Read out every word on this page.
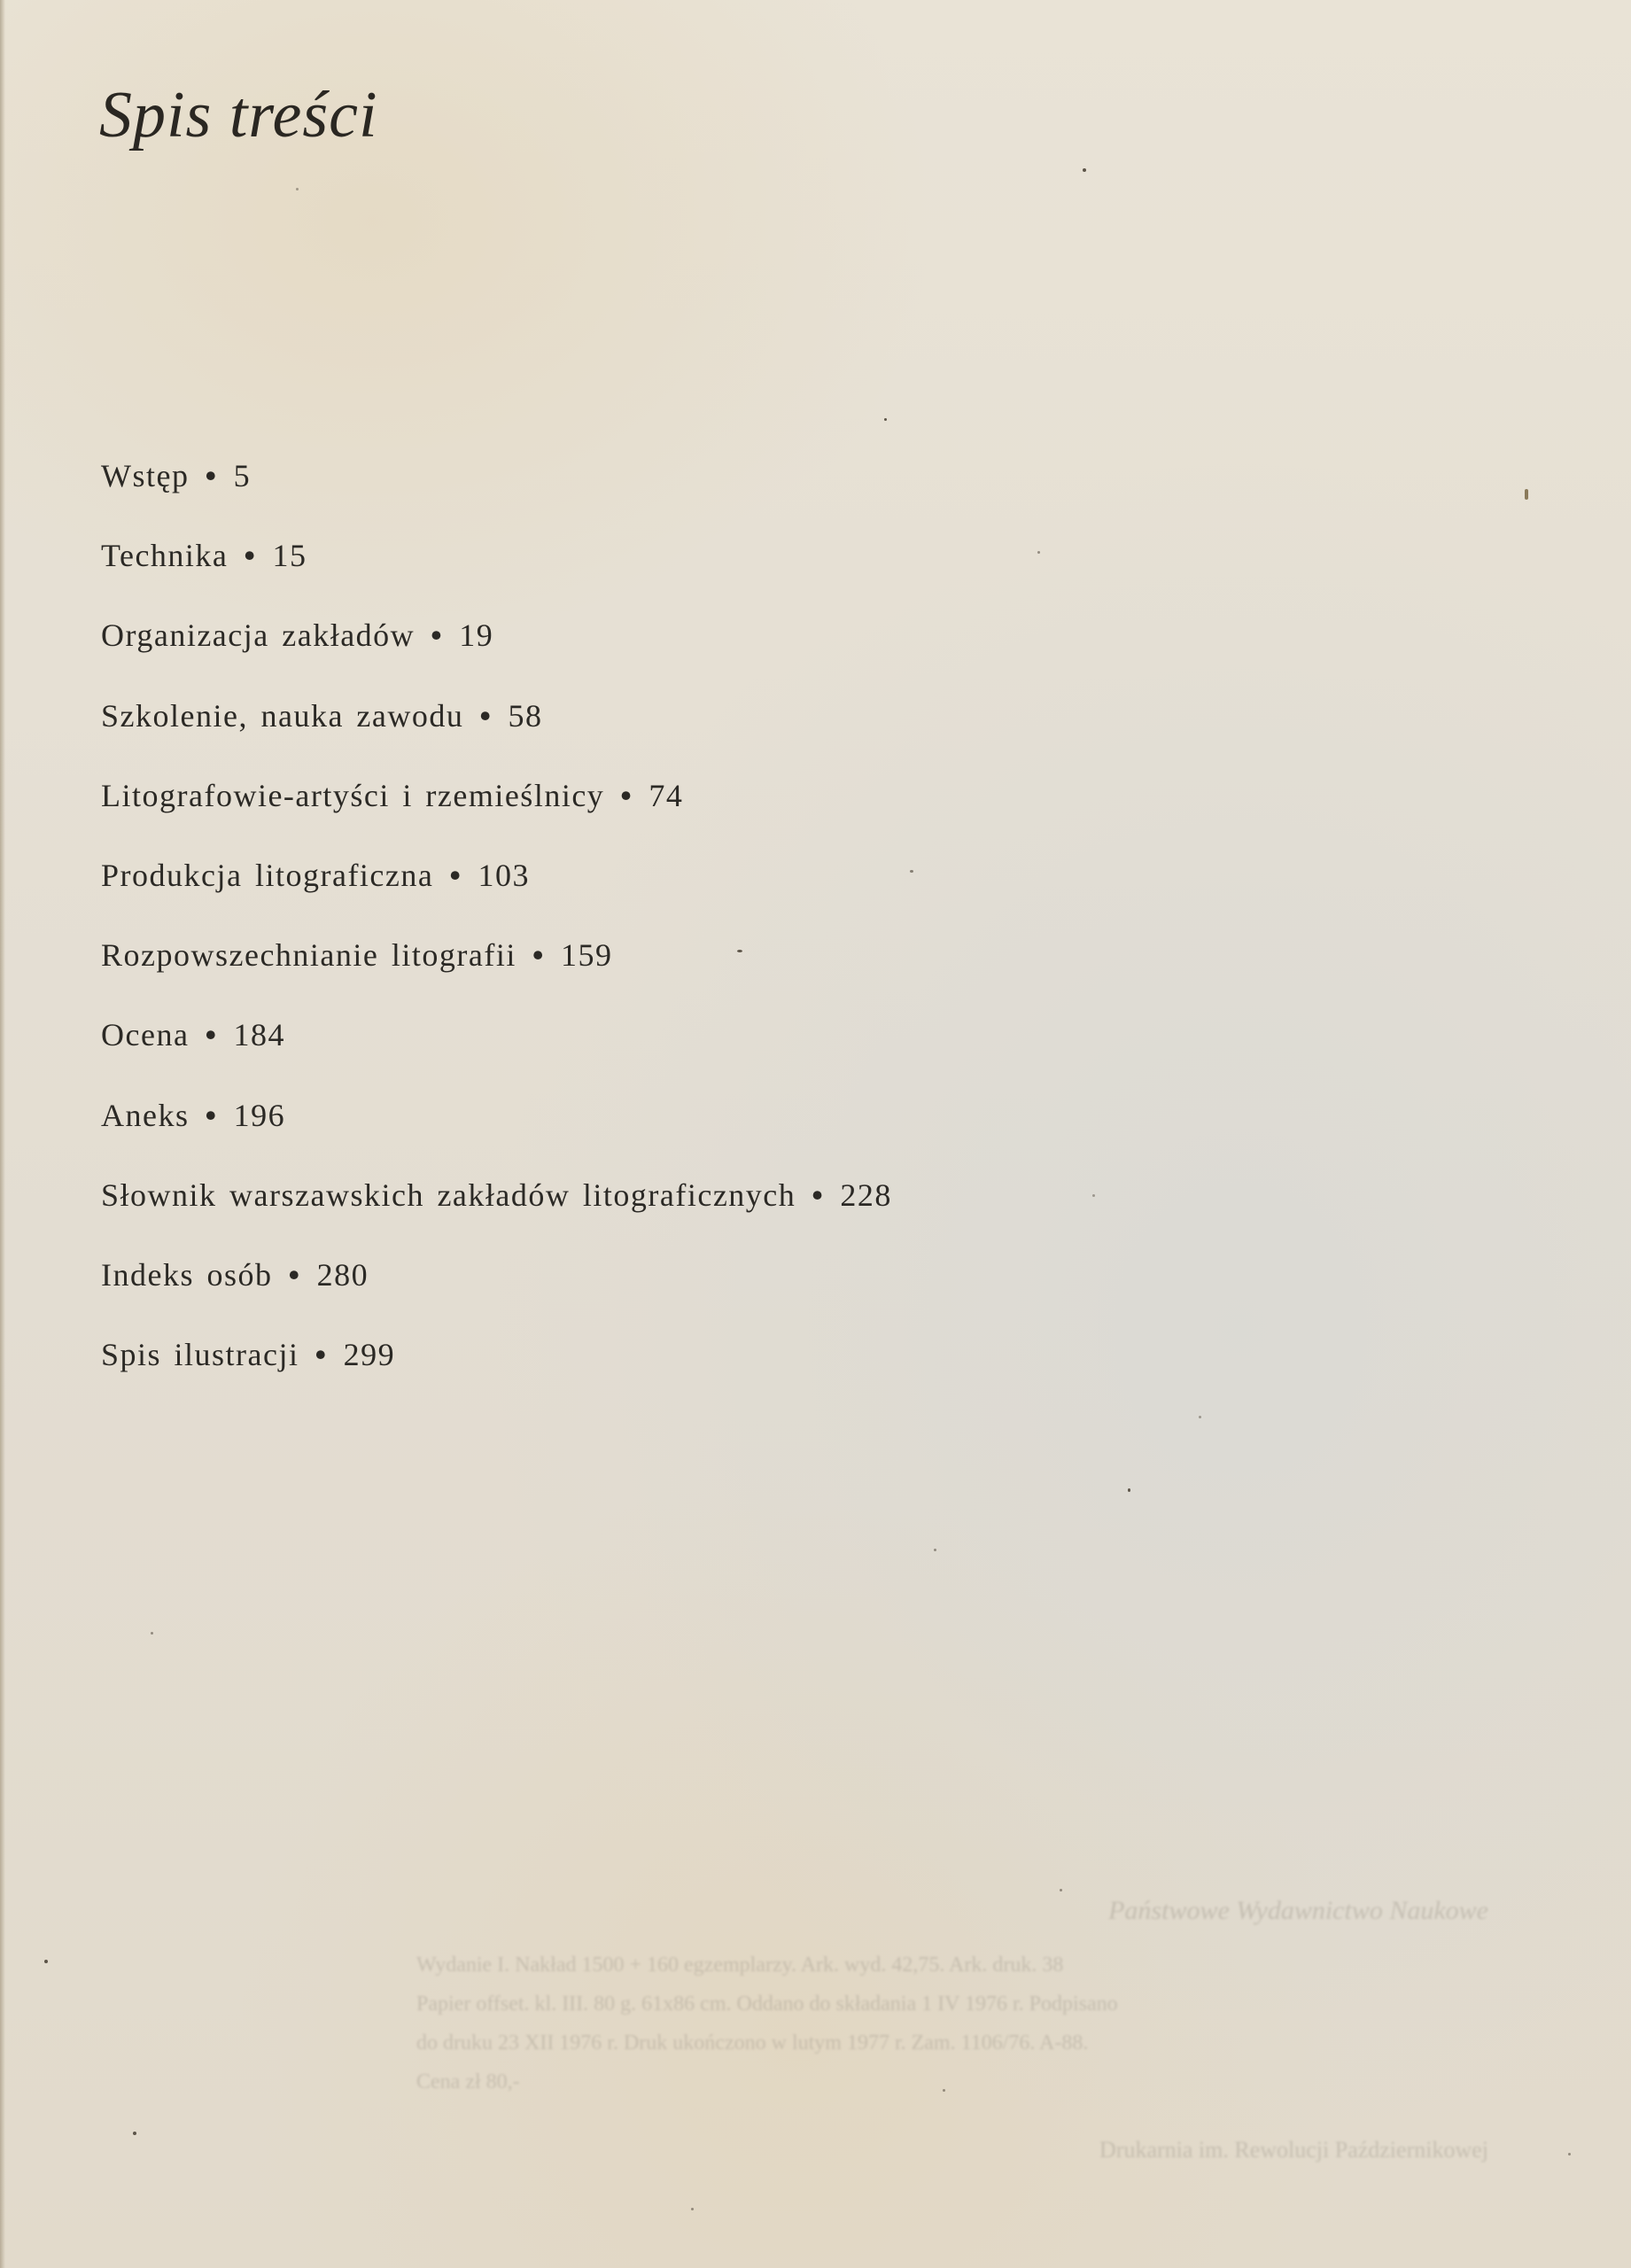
Spis treści
Wstęp • 5
Technika • 15
Organizacja zakładów • 19
Szkolenie, nauka zawodu • 58
Litografowie-artyści i rzemieślnicy • 74
Produkcja litograficzna • 103
Rozpowszechnianie litografii • 159
Ocena • 184
Aneks • 196
Słownik warszawskich zakładów litograficznych • 228
Indeks osób • 280
Spis ilustracji • 299
Państwowe Wydawnictwo Naukowe
Wydanie I. Nakład 1500 + 160 egzemplarzy. Ark. wyd. 42,75. Ark. druk. 38
Papier offset. kl. III. 80 g. 61x86 cm. Oddano do składania 1 IV 1976 r. Podpisano
do druku 23 XII 1976 r. Druk ukończono w lutym 1977 r. Zam. 1106/76. A-88.
Cena zł 80,-
Drukarnia im. Rewolucji Październikowej
